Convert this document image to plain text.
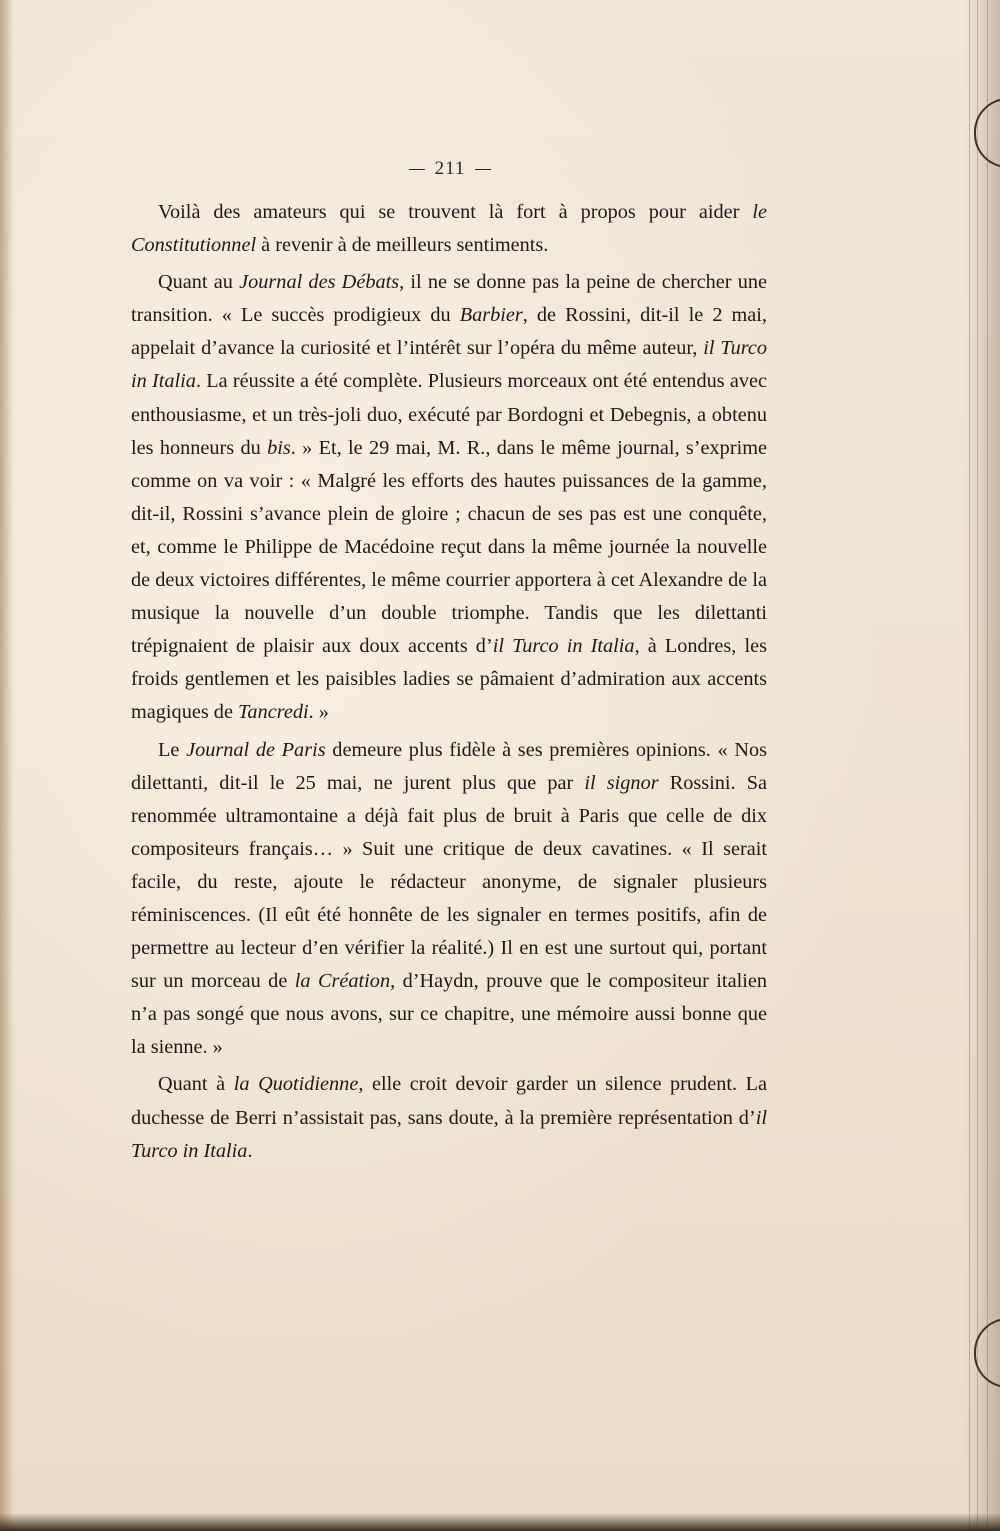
211

Voilà des amateurs qui se trouvent là fort à propos pour aider le Constitutionnel à revenir à de meilleurs sentiments.

Quant au Journal des Débats, il ne se donne pas la peine de chercher une transition. « Le succès prodigieux du Barbier, de Rossini, dit-il le 2 mai, appelait d’avance la curiosité et l’intérêt sur l’opéra du même auteur, il Turco in Italia. La réussite a été complète. Plusieurs morceaux ont été entendus avec enthousiasme, et un très-joli duo, exécuté par Bordogni et Debegnis, a obtenu les honneurs du bis. » Et, le 29 mai, M. R., dans le même journal, s’exprime comme on va voir : « Malgré les efforts des hautes puissances de la gamme, dit-il, Rossini s’avance plein de gloire ; chacun de ses pas est une conquête, et, comme le Philippe de Macédoine reçut dans la même journée la nouvelle de deux victoires différentes, le même courrier apportera à cet Alexandre de la musique la nouvelle d’un double triomphe. Tandis que les dilettanti trépignaient de plaisir aux doux accents d’il Turco in Italia, à Londres, les froids gentlemen et les paisibles ladies se pâmaient d’admiration aux accents magiques de Tancredi. »

Le Journal de Paris demeure plus fidèle à ses premières opinions. « Nos dilettanti, dit-il le 25 mai, ne jurent plus que par il signor Rossini. Sa renommée ultramontaine a déjà fait plus de bruit à Paris que celle de dix compositeurs français… » Suit une critique de deux cavatines. « Il serait facile, du reste, ajoute le rédacteur anonyme, de signaler plusieurs réminiscences. (Il eût été honnête de les signaler en termes positifs, afin de permettre au lecteur d’en vérifier la réalité.) Il en est une surtout qui, portant sur un morceau de la Création, d’Haydn, prouve que le compositeur italien n’a pas songé que nous avons, sur ce chapitre, une mémoire aussi bonne que la sienne. »

Quant à la Quotidienne, elle croit devoir garder un silence prudent. La duchesse de Berri n’assistait pas, sans doute, à la première représentation d’il Turco in Italia.
